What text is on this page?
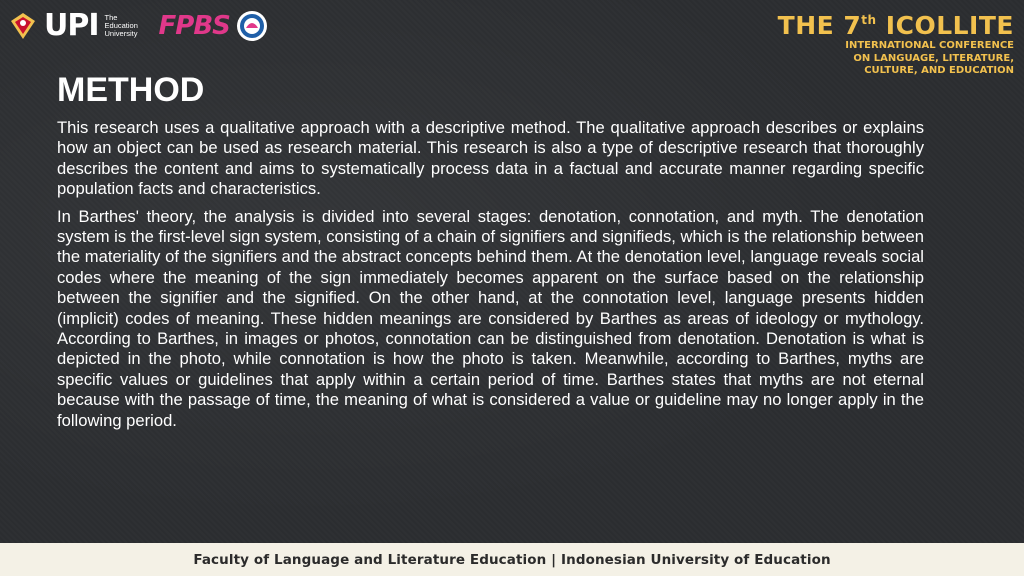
UPI The Education University FPBS	THE 7th ICOLLITE
INTERNATIONAL CONFERENCE
ON LANGUAGE, LITERATURE,
CULTURE, AND EDUCATION
METHOD

This research uses a qualitative approach with a descriptive method. The qualitative approach describes or explains how an object can be used as research material. This research is also a type of descriptive research that thoroughly describes the content and aims to systematically process data in a factual and accurate manner regarding specific population facts and characteristics.

In Barthes' theory, the analysis is divided into several stages: denotation, connotation, and myth. The denotation system is the first-level sign system, consisting of a chain of signifiers and signifieds, which is the relationship between the materiality of the signifiers and the abstract concepts behind them. At the denotation level, language reveals social codes where the meaning of the sign immediately becomes apparent on the surface based on the relationship between the signifier and the signified. On the other hand, at the connotation level, language presents hidden (implicit) codes of meaning. These hidden meanings are considered by Barthes as areas of ideology or mythology. According to Barthes, in images or photos, connotation can be distinguished from denotation. Denotation is what is depicted in the photo, while connotation is how the photo is taken. Meanwhile, according to Barthes, myths are specific values or guidelines that apply within a certain period of time. Barthes states that myths are not eternal because with the passage of time, the meaning of what is considered a value or guideline may no longer apply in the following period.

Faculty of Language and Literature Education | Indonesian University of Education
